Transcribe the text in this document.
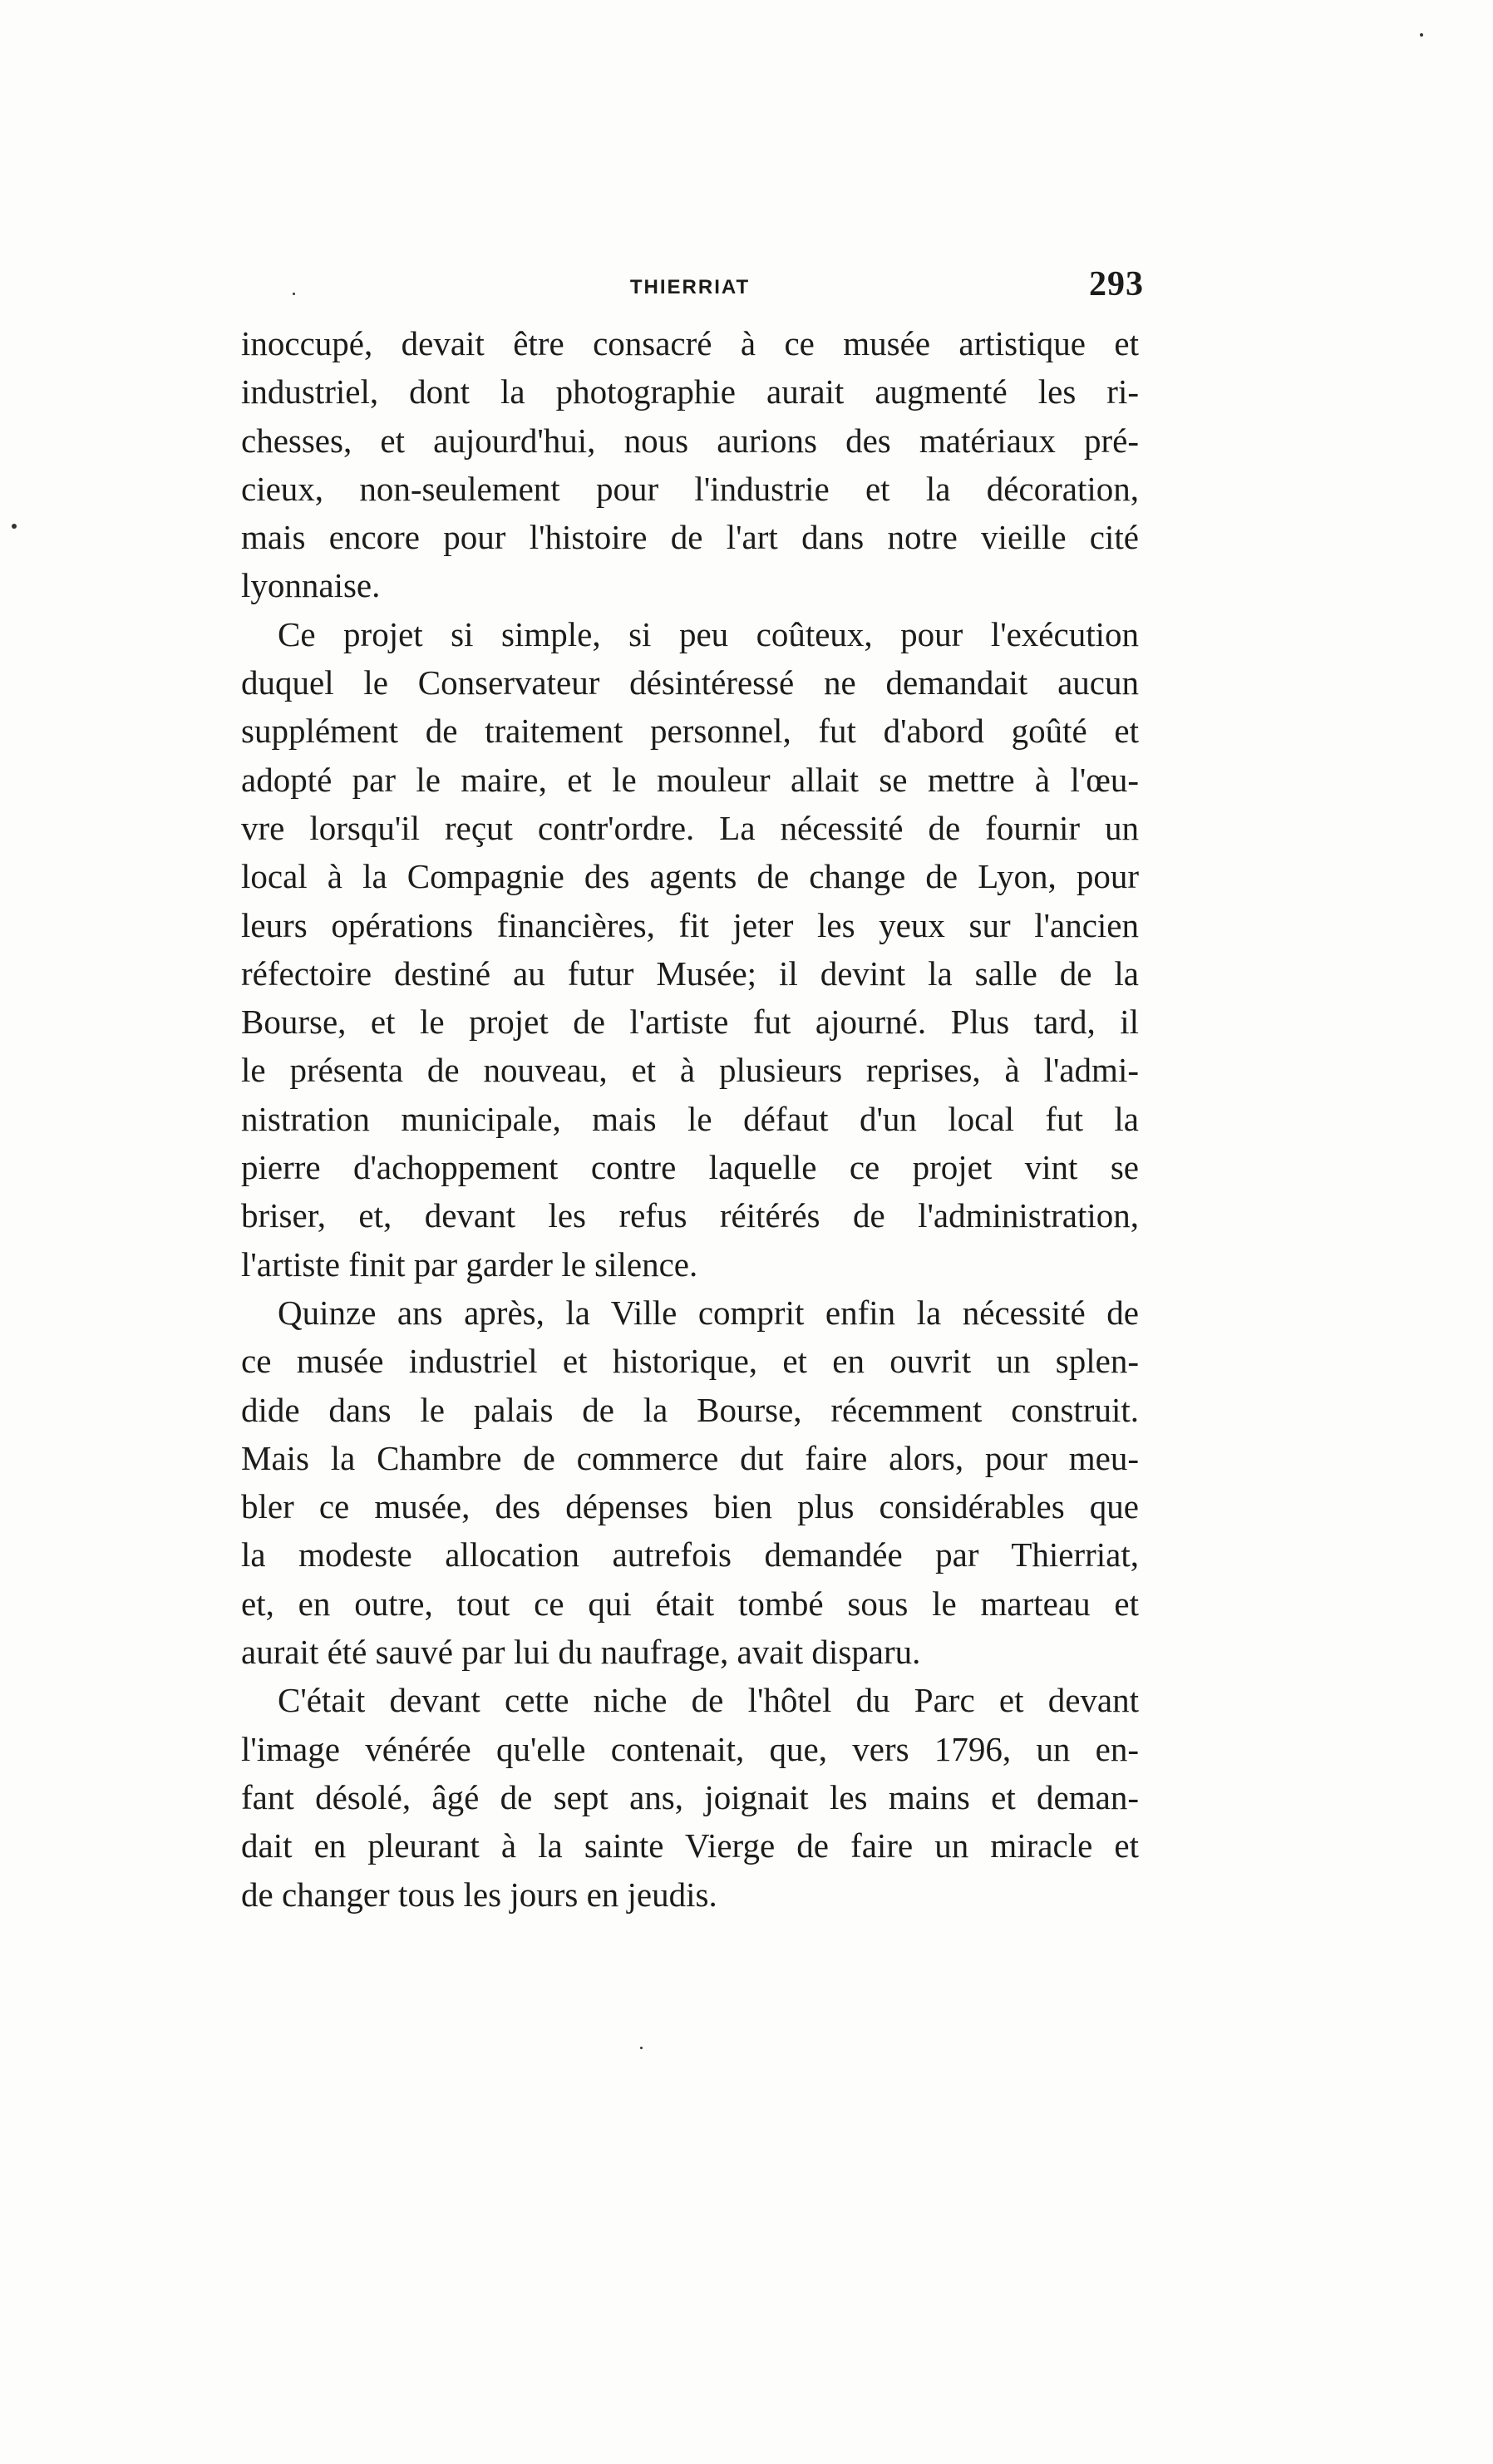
THIERRIAT	293
inoccupé, devait être consacré à ce musée artistique et
industriel, dont la photographie aurait augmenté les ri-
chesses, et aujourd'hui, nous aurions des matériaux pré-
cieux, non-seulement pour l'industrie et la décoration,
mais encore pour l'histoire de l'art dans notre vieille cité
lyonnaise.
Ce projet si simple, si peu coûteux, pour l'exécution
duquel le Conservateur désintéressé ne demandait aucun
supplément de traitement personnel, fut d'abord goûté et
adopté par le maire, et le mouleur allait se mettre à l'œu-
vre lorsqu'il reçut contr'ordre. La nécessité de fournir un
local à la Compagnie des agents de change de Lyon, pour
leurs opérations financières, fit jeter les yeux sur l'ancien
réfectoire destiné au futur Musée; il devint la salle de la
Bourse, et le projet de l'artiste fut ajourné. Plus tard, il
le présenta de nouveau, et à plusieurs reprises, à l'admi-
nistration municipale, mais le défaut d'un local fut la
pierre d'achoppement contre laquelle ce projet vint se
briser, et, devant les refus réitérés de l'administration,
l'artiste finit par garder le silence.
Quinze ans après, la Ville comprit enfin la nécessité de
ce musée industriel et historique, et en ouvrit un splen-
dide dans le palais de la Bourse, récemment construit.
Mais la Chambre de commerce dut faire alors, pour meu-
bler ce musée, des dépenses bien plus considérables que
la modeste allocation autrefois demandée par Thierriat,
et, en outre, tout ce qui était tombé sous le marteau et
aurait été sauvé par lui du naufrage, avait disparu.
C'était devant cette niche de l'hôtel du Parc et devant
l'image vénérée qu'elle contenait, que, vers 1796, un en-
fant désolé, âgé de sept ans, joignait les mains et deman-
dait en pleurant à la sainte Vierge de faire un miracle et
de changer tous les jours en jeudis.
